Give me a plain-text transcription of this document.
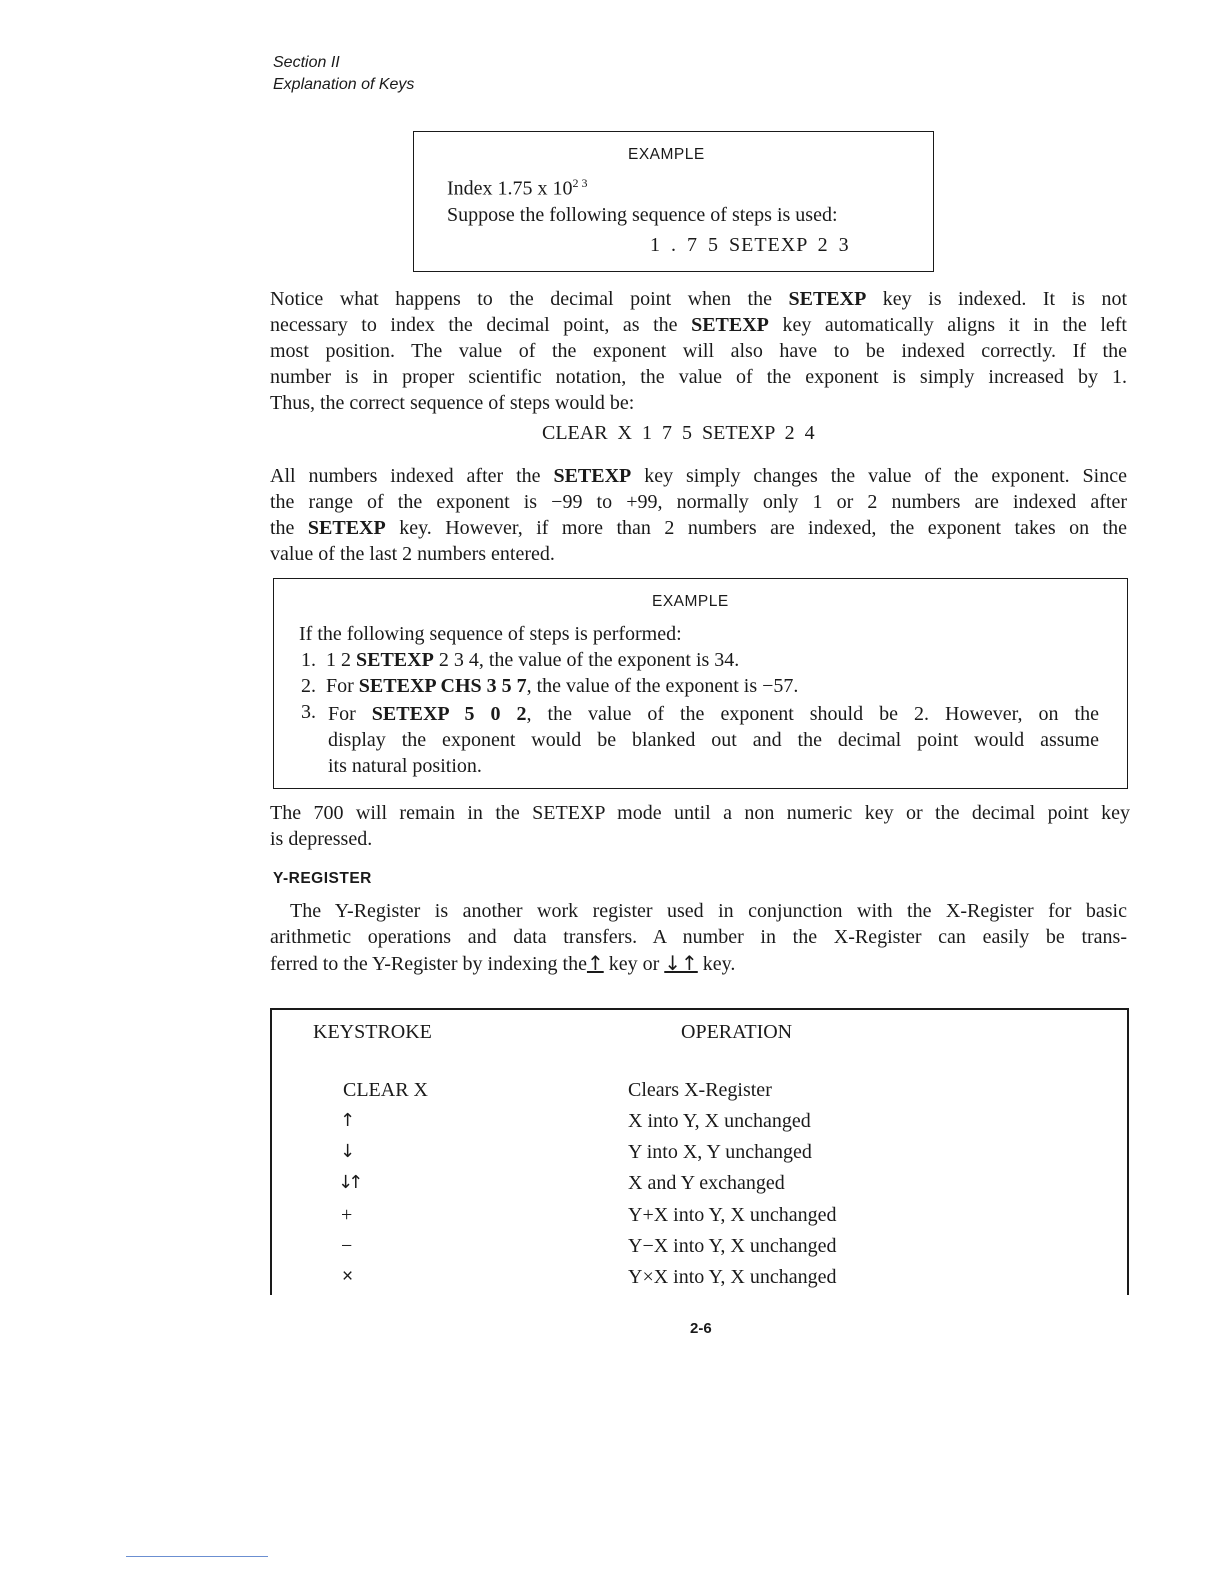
Section II
Explanation of Keys
EXAMPLE
Index 1.75 x $10^{2 3}$
Suppose the following sequence of steps is used:
1 . 7 5 SETEXP 2 3
Notice what happens to the decimal point when the SETEXP key is indexed. It is not
necessary to index the decimal point, as the SETEXP key automatically aligns it in the left
most position. The value of the exponent will also have to be indexed correctly. If the
number is in proper scientific notation, the value of the exponent is simply increased by 1.
Thus, the correct sequence of steps would be:
CLEAR X 1 7 5 SETEXP 2 4
All numbers indexed after the SETEXP key simply changes the value of the exponent. Since
the range of the exponent is −99 to +99, normally only 1 or 2 numbers are indexed after
the SETEXP key. However, if more than 2 numbers are indexed, the exponent takes on the
value of the last 2 numbers entered.
EXAMPLE
If the following sequence of steps is performed:
1. 1 2 SETEXP 2 3 4, the value of the exponent is 34.
2. For SETEXP CHS 3 5 7, the value of the exponent is −57.
3. For SETEXP 5 0 2, the value of the exponent should be 2. However, on the
display the exponent would be blanked out and the decimal point would assume
its natural position.
The 700 will remain in the SETEXP mode until a non numeric key or the decimal point key
is depressed.
Y-REGISTER
The Y-Register is another work register used in conjunction with the X-Register for basic
arithmetic operations and data transfers. A number in the X-Register can easily be trans-
ferred to the Y-Register by indexing the↑ key or ↓↑ key.
KEYSTROKE	OPERATION
CLEAR X	Clears X-Register
↑	X into Y, X unchanged
↓	Y into X, Y unchanged
↓↑	X and Y exchanged
+	Y+X into Y, X unchanged
−	Y−X into Y, X unchanged
×	Y×X into Y, X unchanged
2-6
